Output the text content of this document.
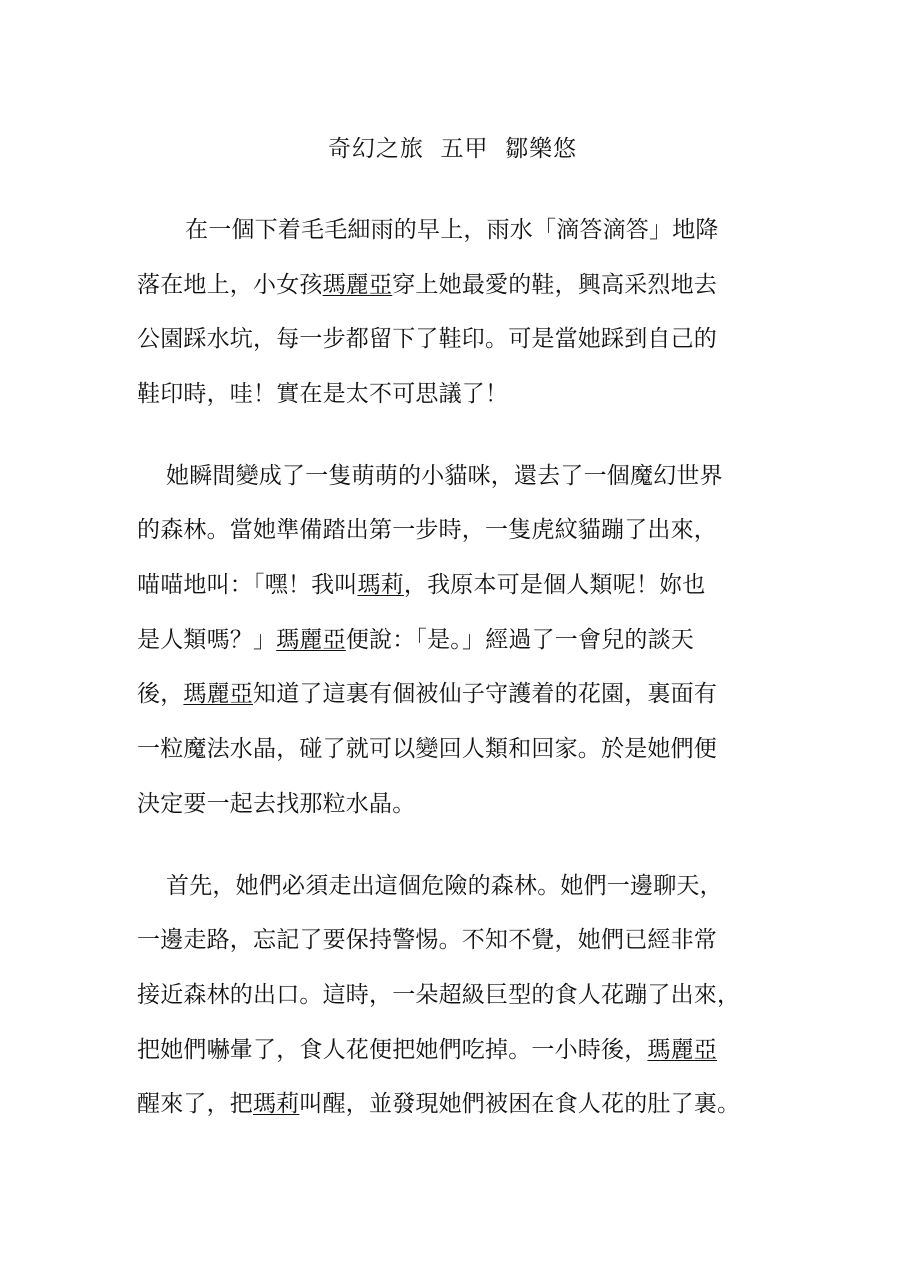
奇幻之旅  五甲  鄒樂悠
在一個下着毛毛細雨的早上，雨水「滴答滴答」地降
落在地上，小女孩瑪麗亞穿上她最愛的鞋，興高采烈地去
公園踩水坑，每一步都留下了鞋印。可是當她踩到自己的
鞋印時，哇！實在是太不可思議了！
她瞬間變成了一隻萌萌的小貓咪，還去了一個魔幻世界
的森林。當她準備踏出第一步時，一隻虎紋貓蹦了出來，
喵喵地叫：「嘿！我叫瑪莉，我原本可是個人類呢！妳也
是人類嗎？」瑪麗亞便說：「是。」經過了一會兒的談天
後，瑪麗亞知道了這裏有個被仙子守護着的花園，裏面有
一粒魔法水晶，碰了就可以變回人類和回家。於是她們便
決定要一起去找那粒水晶。
首先，她們必須走出這個危險的森林。她們一邊聊天，
一邊走路，忘記了要保持警惕。不知不覺，她們已經非常
接近森林的出口。這時，一朵超級巨型的食人花蹦了出來，
把她們嚇暈了，食人花便把她們吃掉。一小時後，瑪麗亞
醒來了，把瑪莉叫醒，並發現她們被困在食人花的肚了裏。
